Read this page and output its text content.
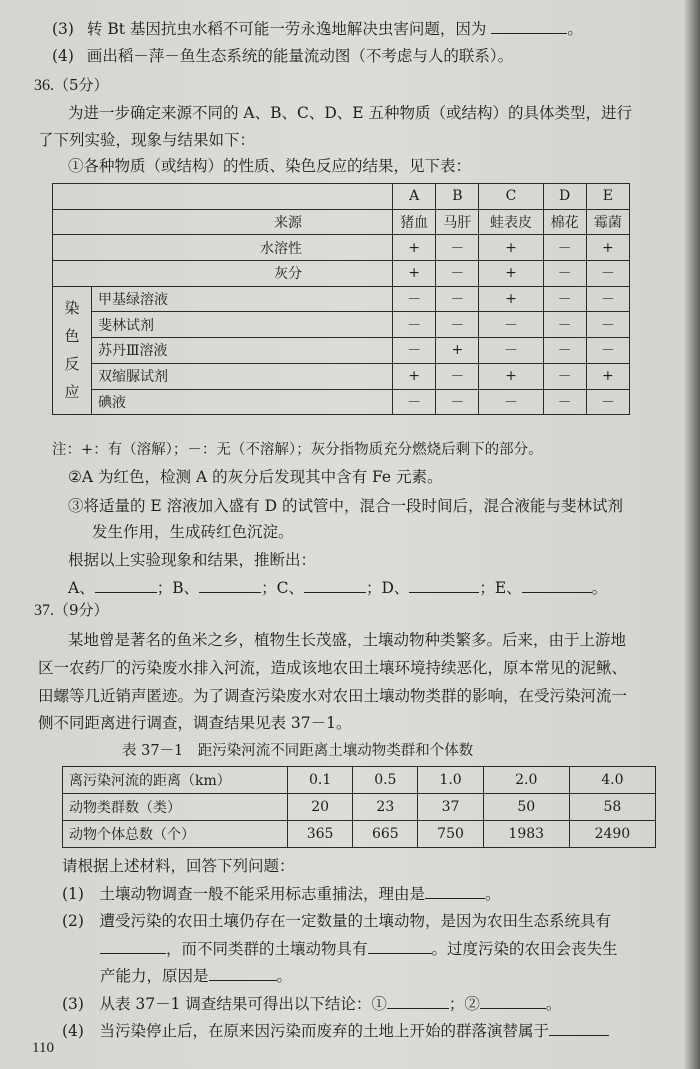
(3) 转 Bt 基因抗虫水稻不可能一劳永逸地解决虫害问题，因为	。
(4) 画出稻－萍－鱼生态系统的能量流动图（不考虑与人的联系）。
36.（5分）
为进一步确定来源不同的 A、B、C、D、E 五种物质（或结构）的具体类型，进行
了下列实验，现象与结果如下：
①各种物质（或结构）的性质、染色反应的结果，见下表：
		A	B	C	D	E
来源		猪血	马肝	蛙表皮	棉花	霉菌
水溶性		+	－	+	－	+
灰分		+	－	+	－	－

染
色
反
应	甲基绿溶液	－	－	+	－	－
	斐林试剂	－	－	－	－	－
	苏丹Ⅲ溶液	－	+	－	－	－
	双缩脲试剂	+	－	+	－	+
	碘液	－	－	－	－	－
注：+：有（溶解）；－：无（不溶解）；灰分指物质充分燃烧后剩下的部分。
②A 为红色，检测 A 的灰分后发现其中含有 Fe 元素。
③将适量的 E 溶液加入盛有 D 的试管中，混合一段时间后，混合液能与斐林试剂
发生作用，生成砖红色沉淀。
根据以上实验现象和结果，推断出：
A、	；B、	；C、	；D、	；E、	。
37.（9分）
某地曾是著名的鱼米之乡，植物生长茂盛，土壤动物种类繁多。后来，由于上游地
区一农药厂的污染废水排入河流，造成该地农田土壤环境持续恶化，原本常见的泥鳅、
田螺等几近销声匿迹。为了调查污染废水对农田土壤动物类群的影响，在受污染河流一
侧不同距离进行调查，调查结果见表 37－1。
表 37－1　距污染河流不同距离土壤动物类群和个体数
离污染河流的距离（km）	0.1	0.5	1.0	2.0	4.0
动物类群数（类）	20	23	37	50	58
动物个体总数（个）	365	665	750	1983	2490
请根据上述材料，回答下列问题：
(1)　土壤动物调查一般不能采用标志重捕法，理由是	。
(2)　遭受污染的农田土壤仍存在一定数量的土壤动物，是因为农田生态系统具有
，而不同类群的土壤动物具有	。过度污染的农田会丧失生
产能力，原因是	。
(3)　从表 37－1 调查结果可得出以下结论：①	；②	。
(4)　当污染停止后，在原来因污染而废弃的土地上开始的群落演替属于
110
